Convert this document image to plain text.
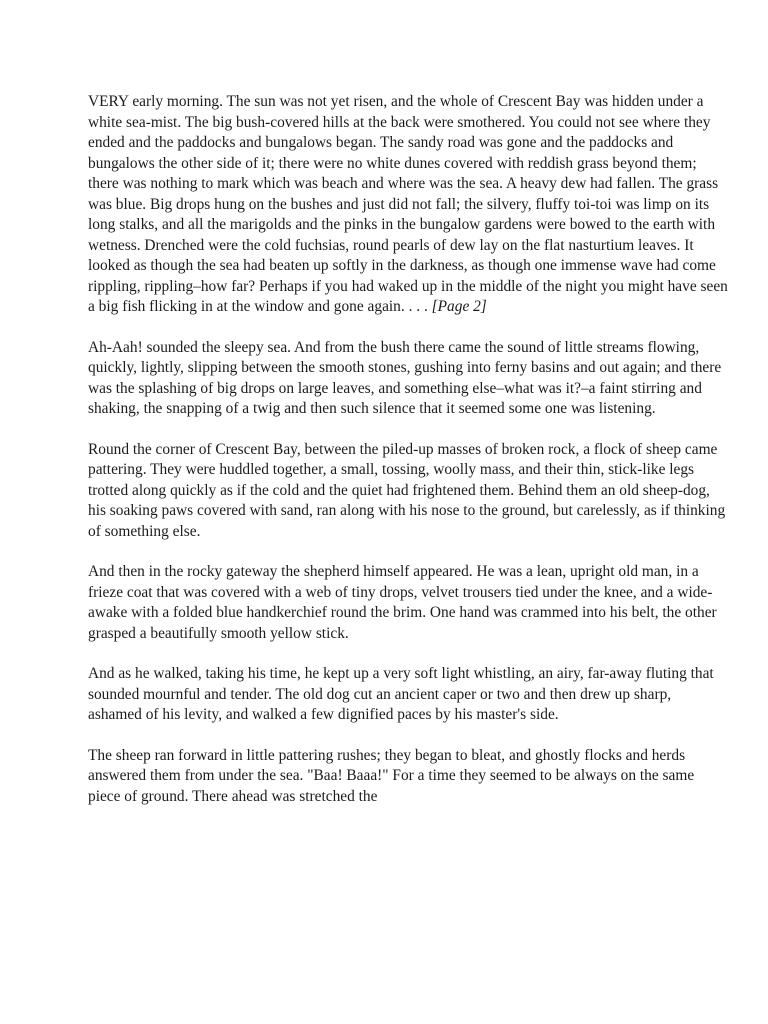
VERY early morning. The sun was not yet risen, and the whole of Crescent Bay was hidden under a white sea-mist. The big bush-covered hills at the back were smothered. You could not see where they ended and the paddocks and bungalows began. The sandy road was gone and the paddocks and bungalows the other side of it; there were no white dunes covered with reddish grass beyond them; there was nothing to mark which was beach and where was the sea. A heavy dew had fallen. The grass was blue. Big drops hung on the bushes and just did not fall; the silvery, fluffy toi-toi was limp on its long stalks, and all the marigolds and the pinks in the bungalow gardens were bowed to the earth with wetness. Drenched were the cold fuchsias, round pearls of dew lay on the flat nasturtium leaves. It looked as though the sea had beaten up softly in the darkness, as though one immense wave had come rippling, rippling–how far? Perhaps if you had waked up in the middle of the night you might have seen a big fish flicking in at the window and gone again. . . . [Page 2]

Ah-Aah! sounded the sleepy sea. And from the bush there came the sound of little streams flowing, quickly, lightly, slipping between the smooth stones, gushing into ferny basins and out again; and there was the splashing of big drops on large leaves, and something else–what was it?–a faint stirring and shaking, the snapping of a twig and then such silence that it seemed some one was listening.

Round the corner of Crescent Bay, between the piled-up masses of broken rock, a flock of sheep came pattering. They were huddled together, a small, tossing, woolly mass, and their thin, stick-like legs trotted along quickly as if the cold and the quiet had frightened them. Behind them an old sheep-dog, his soaking paws covered with sand, ran along with his nose to the ground, but carelessly, as if thinking of something else.

And then in the rocky gateway the shepherd himself appeared. He was a lean, upright old man, in a frieze coat that was covered with a web of tiny drops, velvet trousers tied under the knee, and a wide-awake with a folded blue handkerchief round the brim. One hand was crammed into his belt, the other grasped a beautifully smooth yellow stick.

And as he walked, taking his time, he kept up a very soft light whistling, an airy, far-away fluting that sounded mournful and tender. The old dog cut an ancient caper or two and then drew up sharp, ashamed of his levity, and walked a few dignified paces by his master's side.

The sheep ran forward in little pattering rushes; they began to bleat, and ghostly flocks and herds answered them from under the sea. "Baa! Baaa!" For a time they seemed to be always on the same piece of ground. There ahead was stretched the
